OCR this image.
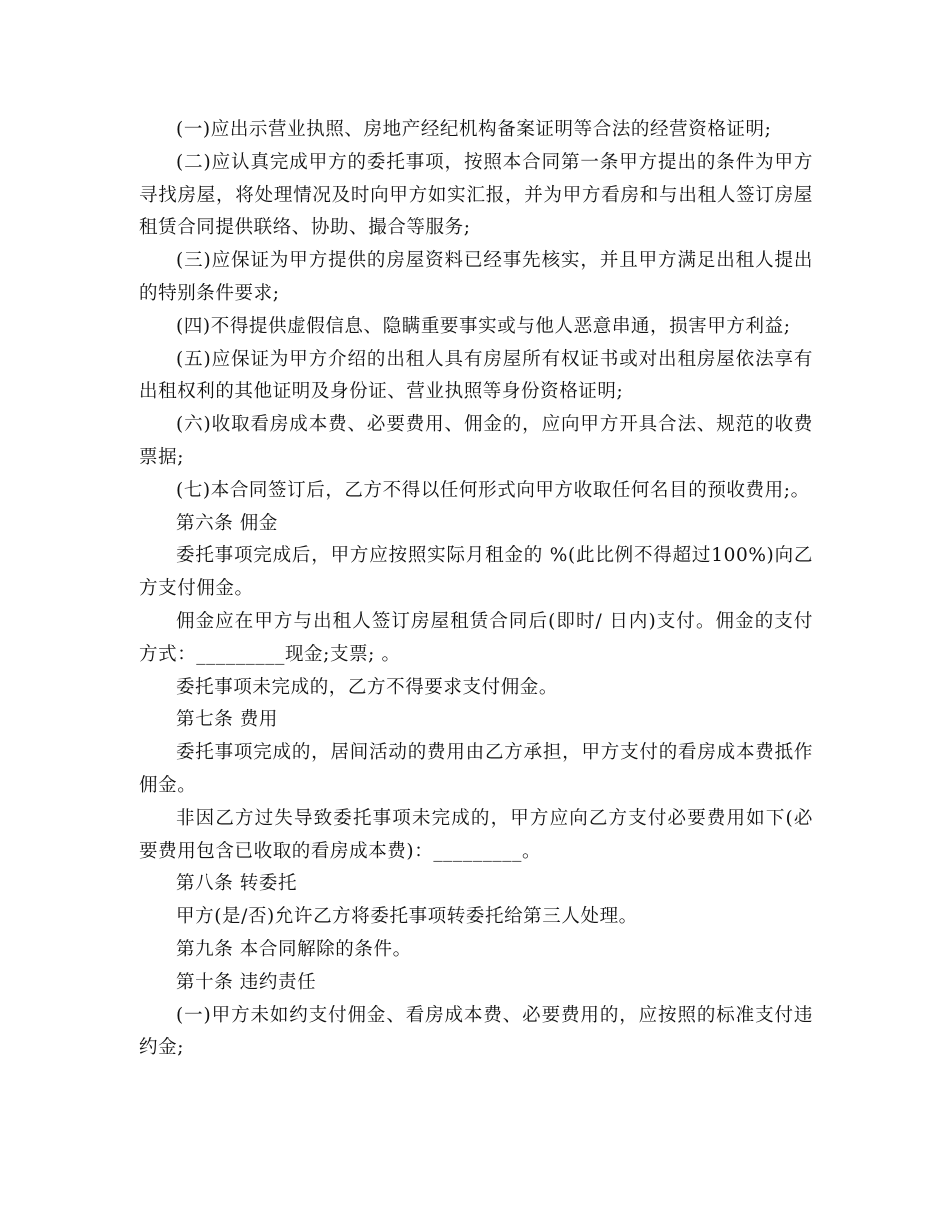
(一)应出示营业执照、房地产经纪机构备案证明等合法的经营资格证明;

(二)应认真完成甲方的委托事项，按照本合同第一条甲方提出的条件为甲方寻找房屋，将处理情况及时向甲方如实汇报，并为甲方看房和与出租人签订房屋租赁合同提供联络、协助、撮合等服务;

(三)应保证为甲方提供的房屋资料已经事先核实，并且甲方满足出租人提出的特别条件要求;

(四)不得提供虚假信息、隐瞒重要事实或与他人恶意串通，损害甲方利益;

(五)应保证为甲方介绍的出租人具有房屋所有权证书或对出租房屋依法享有出租权利的其他证明及身份证、营业执照等身份资格证明;

(六)收取看房成本费、必要费用、佣金的，应向甲方开具合法、规范的收费票据;

(七)本合同签订后，乙方不得以任何形式向甲方收取任何名目的预收费用;。

第六条 佣金

委托事项完成后，甲方应按照实际月租金的 %(此比例不得超过100%)向乙方支付佣金。

佣金应在甲方与出租人签订房屋租赁合同后(即时/ 日内)支付。佣金的支付方式：_________现金;支票; 。

委托事项未完成的，乙方不得要求支付佣金。

第七条 费用

委托事项完成的，居间活动的费用由乙方承担，甲方支付的看房成本费抵作佣金。

非因乙方过失导致委托事项未完成的，甲方应向乙方支付必要费用如下(必要费用包含已收取的看房成本费)：_________。

第八条 转委托

甲方(是/否)允许乙方将委托事项转委托给第三人处理。

第九条 本合同解除的条件。

第十条 违约责任

(一)甲方未如约支付佣金、看房成本费、必要费用的，应按照的标准支付违约金;
